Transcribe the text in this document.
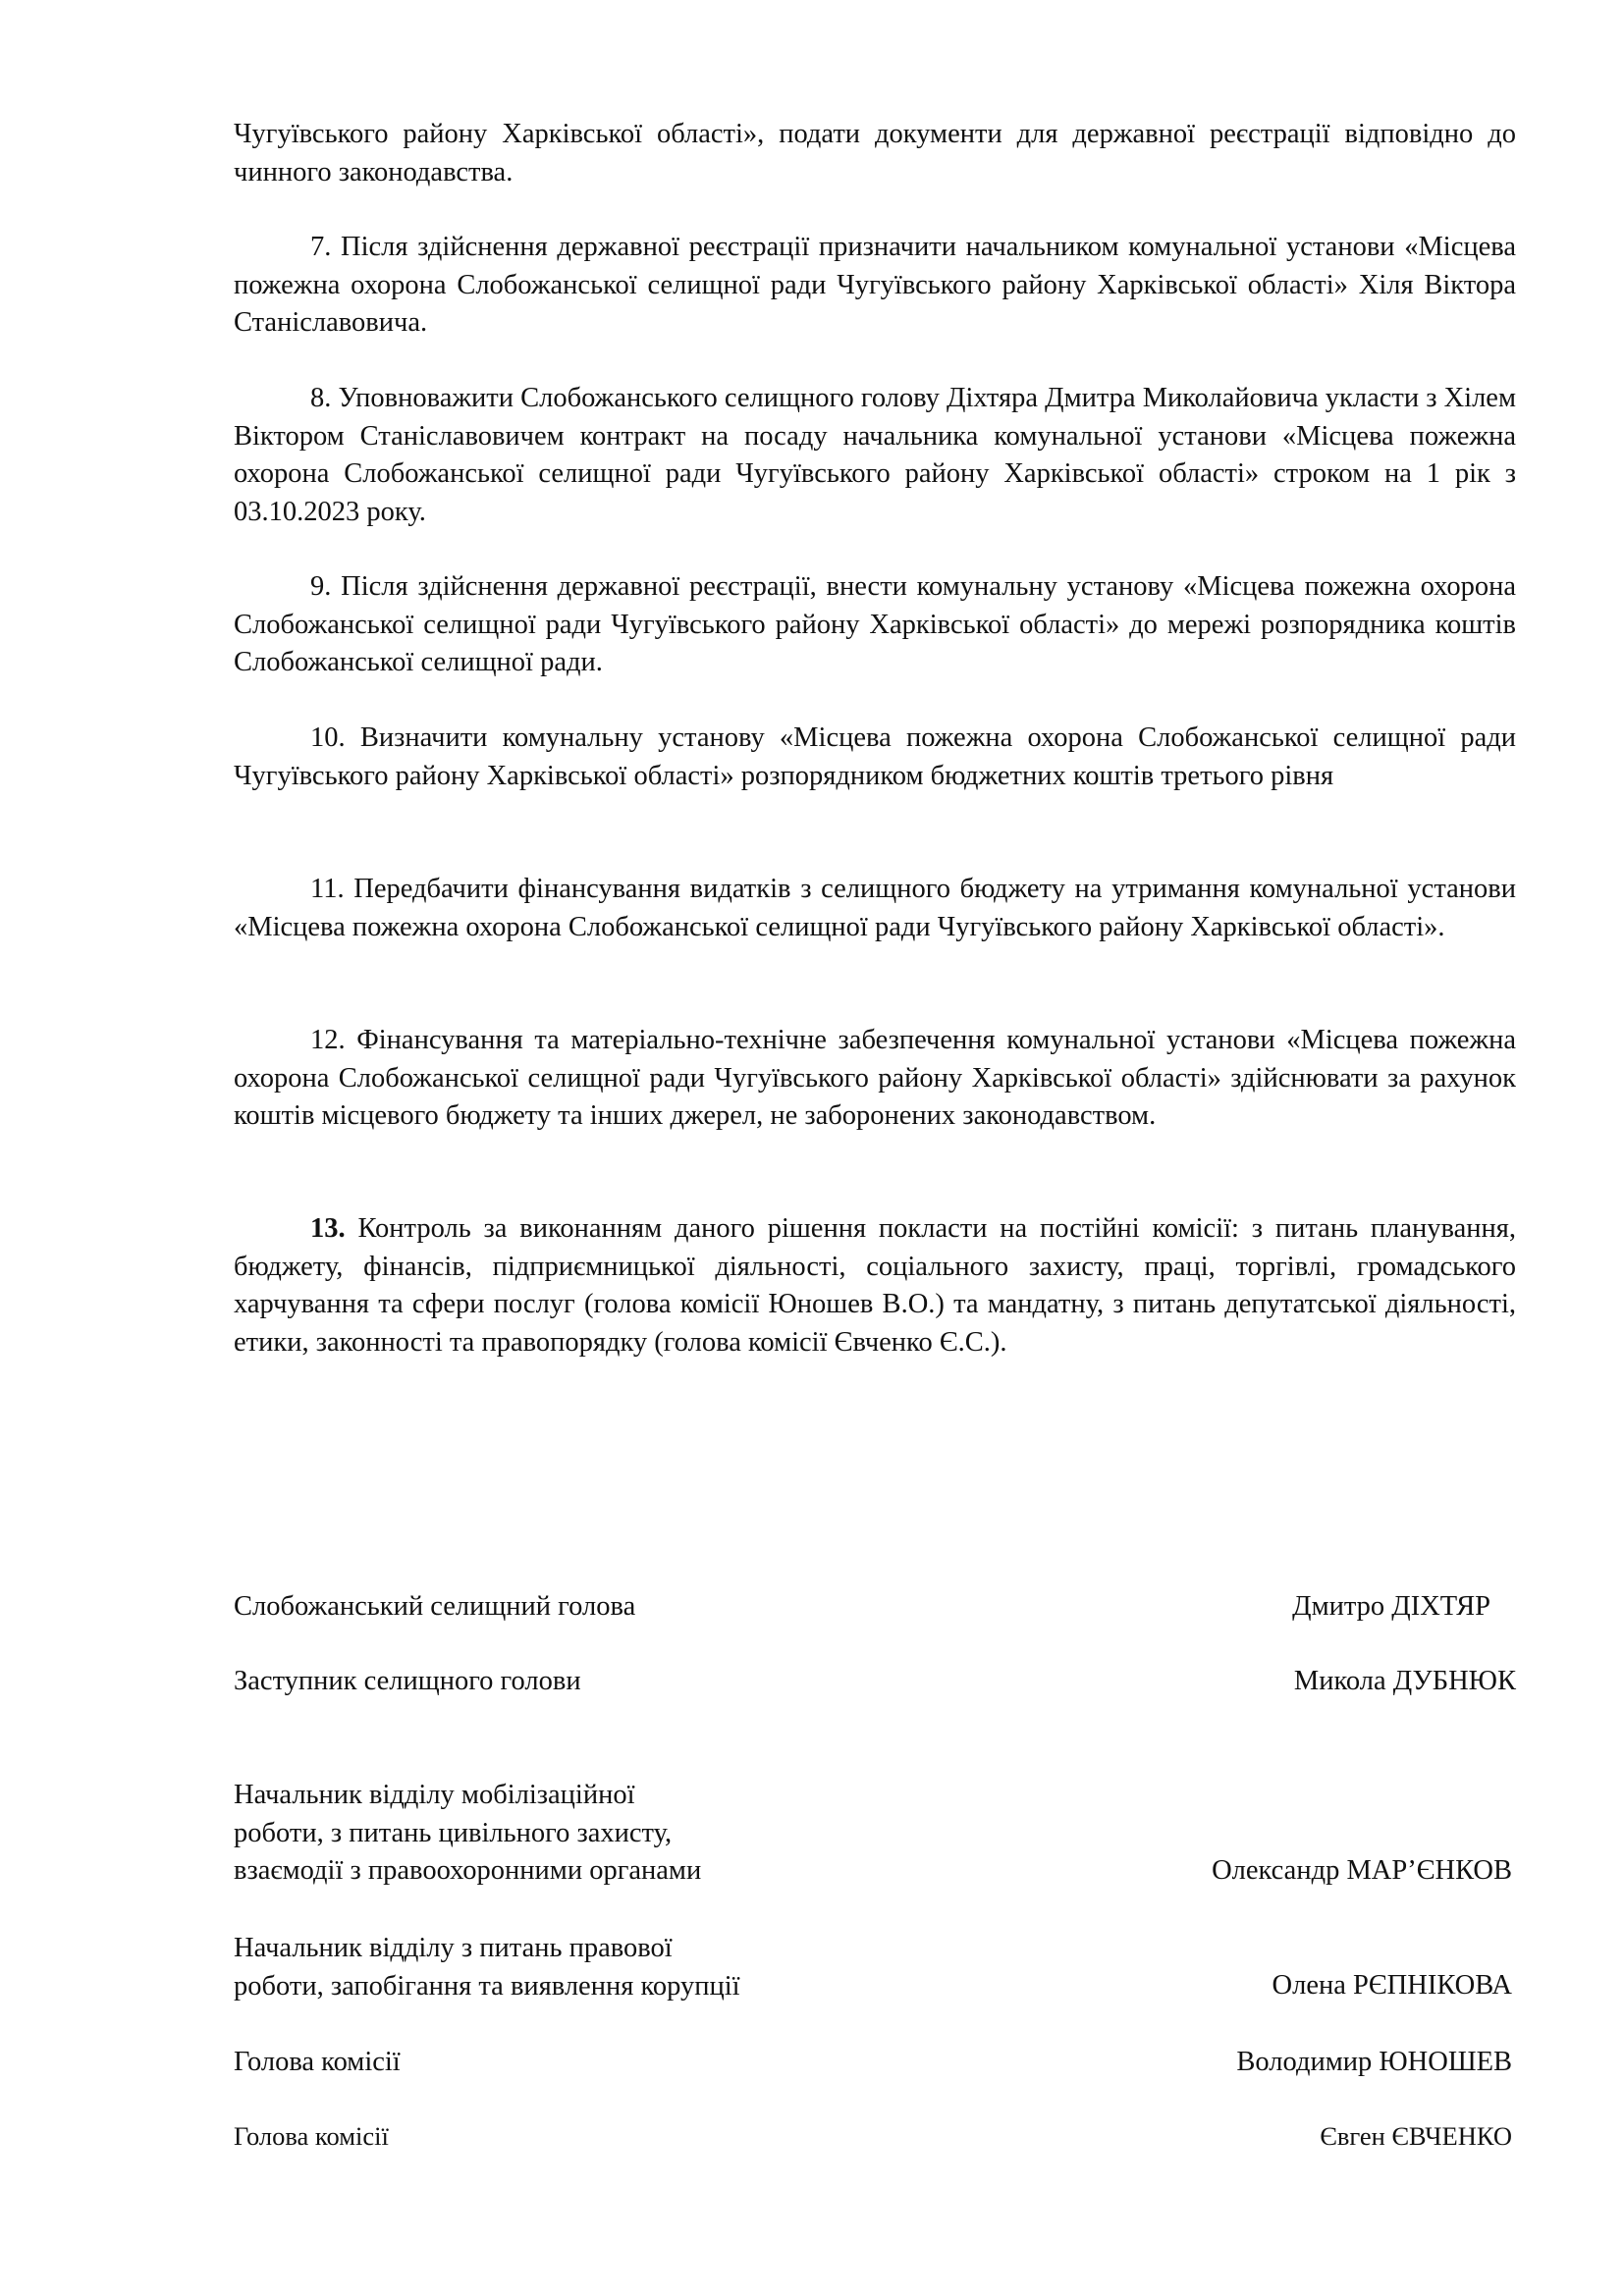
Чугуївського району Харківської області», подати документи для державної реєстрації відповідно до чинного законодавства.

7. Після здійснення державної реєстрації призначити начальником комунальної установи «Місцева пожежна охорона Слобожанської селищної ради Чугуївського району Харківської області» Хіля Віктора Станіславовича.

8. Уповноважити Слобожанського селищного голову Діхтяра Дмитра Миколайовича укласти з Хілем Віктором Станіславовичем контракт на посаду начальника комунальної установи «Місцева пожежна охорона Слобожанської селищної ради Чугуївського району Харківської області» строком на 1 рік з 03.10.2023 року.

9. Після здійснення державної реєстрації, внести комунальну установу «Місцева пожежна охорона Слобожанської селищної ради Чугуївського району Харківської області» до мережі розпорядника коштів Слобожанської селищної ради.

10. Визначити комунальну установу «Місцева пожежна охорона Слобожанської селищної ради Чугуївського району Харківської області» розпорядником бюджетних коштів третього рівня

11. Передбачити фінансування видатків з селищного бюджету на утримання комунальної установи «Місцева пожежна охорона Слобожанської селищної ради Чугуївського району Харківської області».

12. Фінансування та матеріально-технічне забезпечення комунальної установи «Місцева пожежна охорона Слобожанської селищної ради Чугуївського району Харківської області» здійснювати за рахунок коштів місцевого бюджету та інших джерел, не заборонених законодавством.

13. Контроль за виконанням даного рішення покласти на постійні комісії: з питань планування, бюджету, фінансів, підприємницької діяльності, соціального захисту, праці, торгівлі, громадського харчування та сфери послуг (голова комісії Юношев В.О.) та мандатну, з питань депутатської діяльності, етики, законності та правопорядку (голова комісії Євченко Є.С.).

Слобожанський селищний голова	Дмитро ДІХТЯР
Заступник селищного голови	Микола ДУБНЮК
Начальник відділу мобілізаційної
роботи, з питань цивільного захисту,
взаємодії з правоохоронними органами	Олександр МАР’ЄНКОВ
Начальник відділу з питань правової
роботи, запобігання та виявлення корупції	Олена РЄПНІКОВА
Голова комісії	Володимир ЮНОШЕВ
Голова комісії	Євген ЄВЧЕНКО
